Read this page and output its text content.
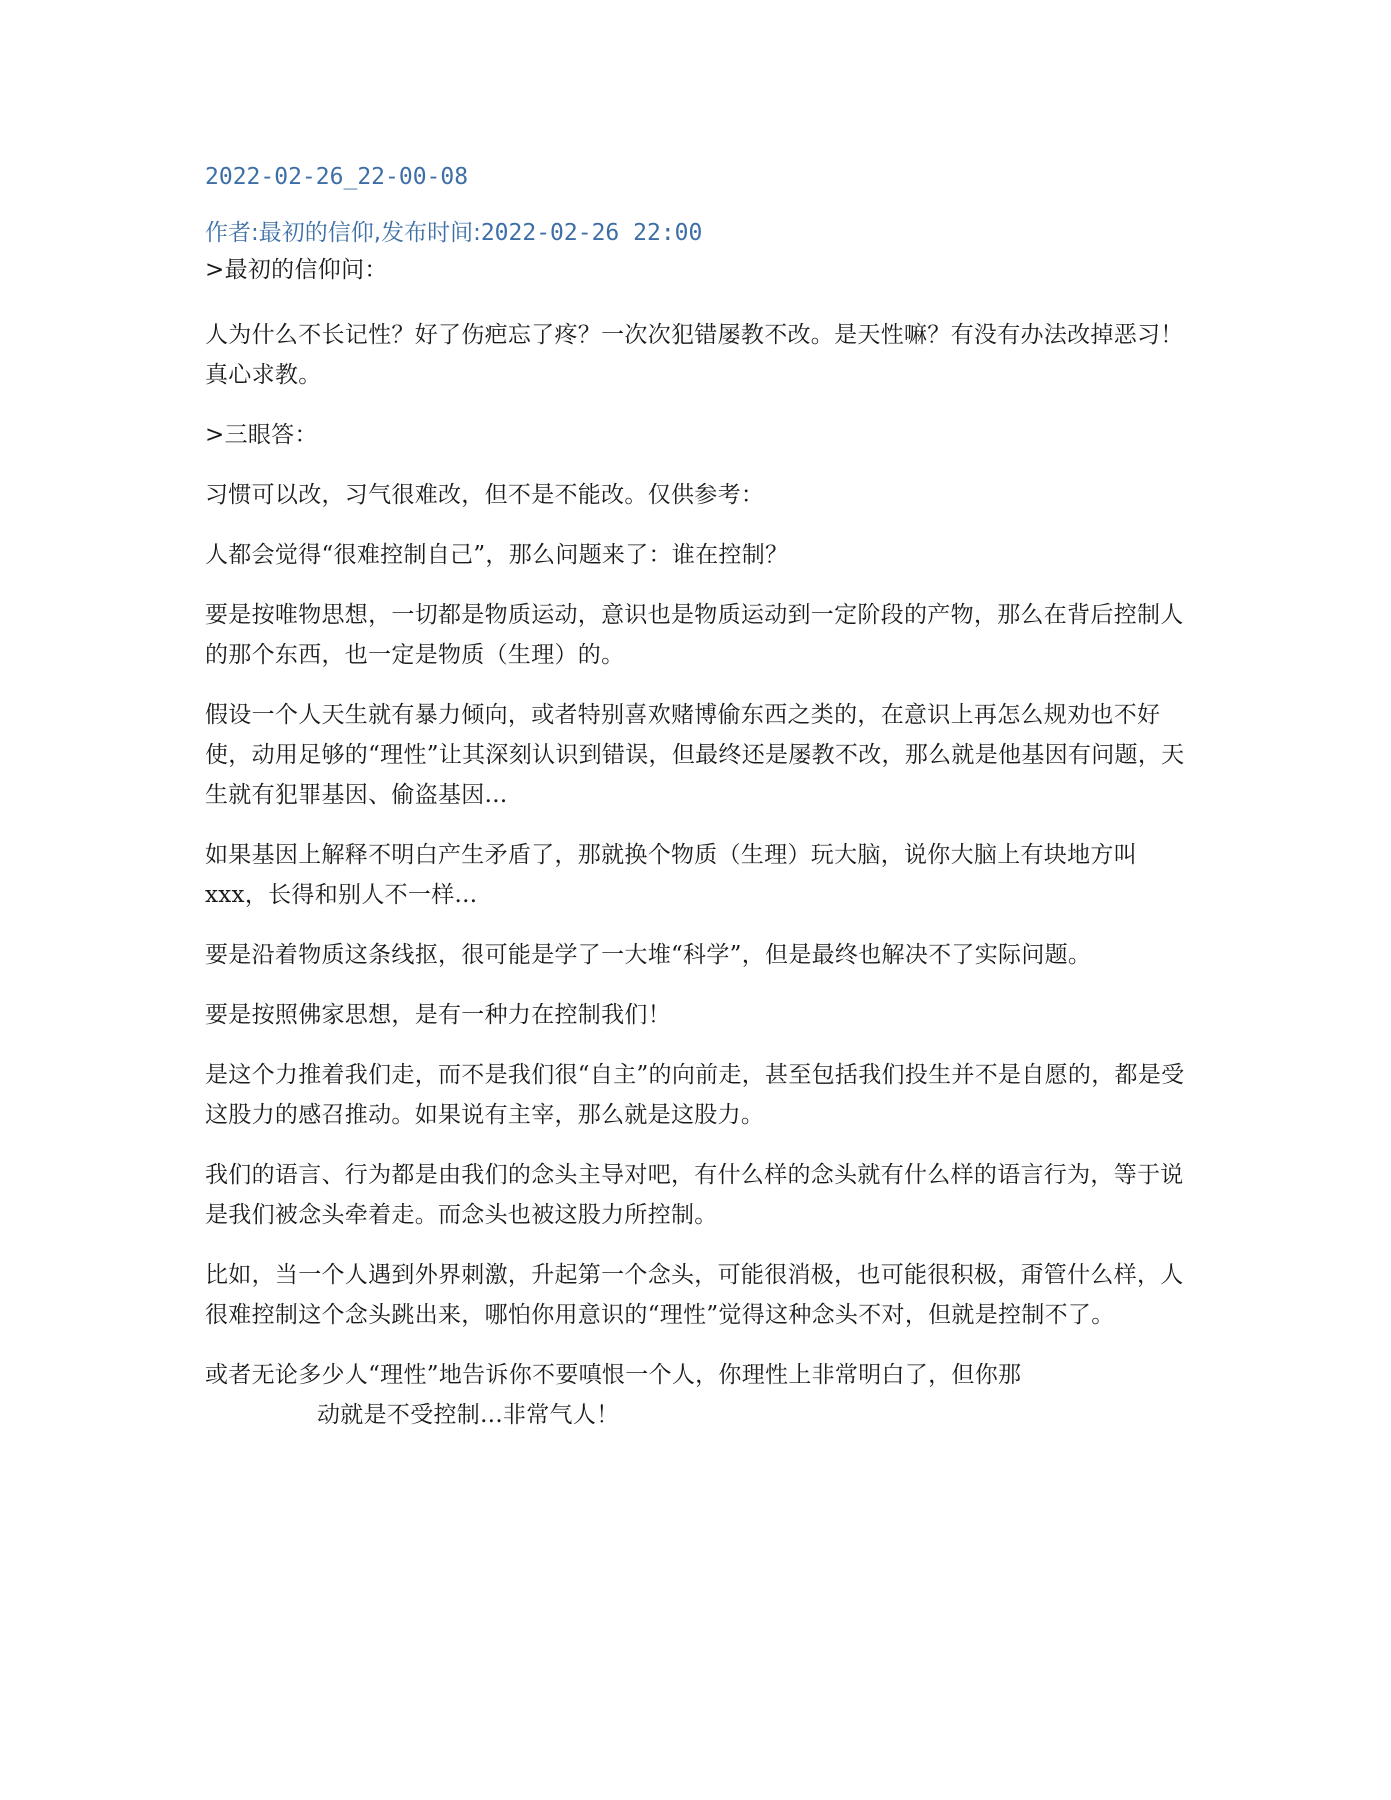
2022-02-26_22-00-08
作者:最初的信仰,发布时间:2022-02-26 22:00

>最初的信仰问：

人为什么不长记性？好了伤疤忘了疼？一次次犯错屡教不改。是天性嘛？有没有办法改掉恶习！真心求教。

>三眼答：

习惯可以改，习气很难改，但不是不能改。仅供参考：

人都会觉得“很难控制自己”，那么问题来了：谁在控制？

要是按唯物思想，一切都是物质运动，意识也是物质运动到一定阶段的产物，那么在背后控制人的那个东西，也一定是物质（生理）的。

假设一个人天生就有暴力倾向，或者特别喜欢赌博偷东西之类的，在意识上再怎么规劝也不好使，动用足够的“理性”让其深刻认识到错误，但最终还是屡教不改，那么就是他基因有问题，天生就有犯罪基因、偷盗基因...

如果基因上解释不明白产生矛盾了，那就换个物质（生理）玩大脑，说你大脑上有块地方叫 xxx，长得和别人不一样...

要是沿着物质这条线抠，很可能是学了一大堆“科学”，但是最终也解决不了实际问题。

要是按照佛家思想，是有一种力在控制我们！

是这个力推着我们走，而不是我们很“自主”的向前走，甚至包括我们投生并不是自愿的，都是受这股力的感召推动。如果说有主宰，那么就是这股力。

我们的语言、行为都是由我们的念头主导对吧，有什么样的念头就有什么样的语言行为，等于说是我们被念头牵着走。而念头也被这股力所控制。

比如，当一个人遇到外界刺激，升起第一个念头，可能很消极，也可能很积极，甭管什么样，人很难控制这个念头跳出来，哪怕你用意识的“理性”觉得这种念头不对，但就是控制不了。

或者无论多少人“理性”地告诉你不要嗔恨一个人，你理性上非常明白了，但你那
动就是不受控制...非常气人！
